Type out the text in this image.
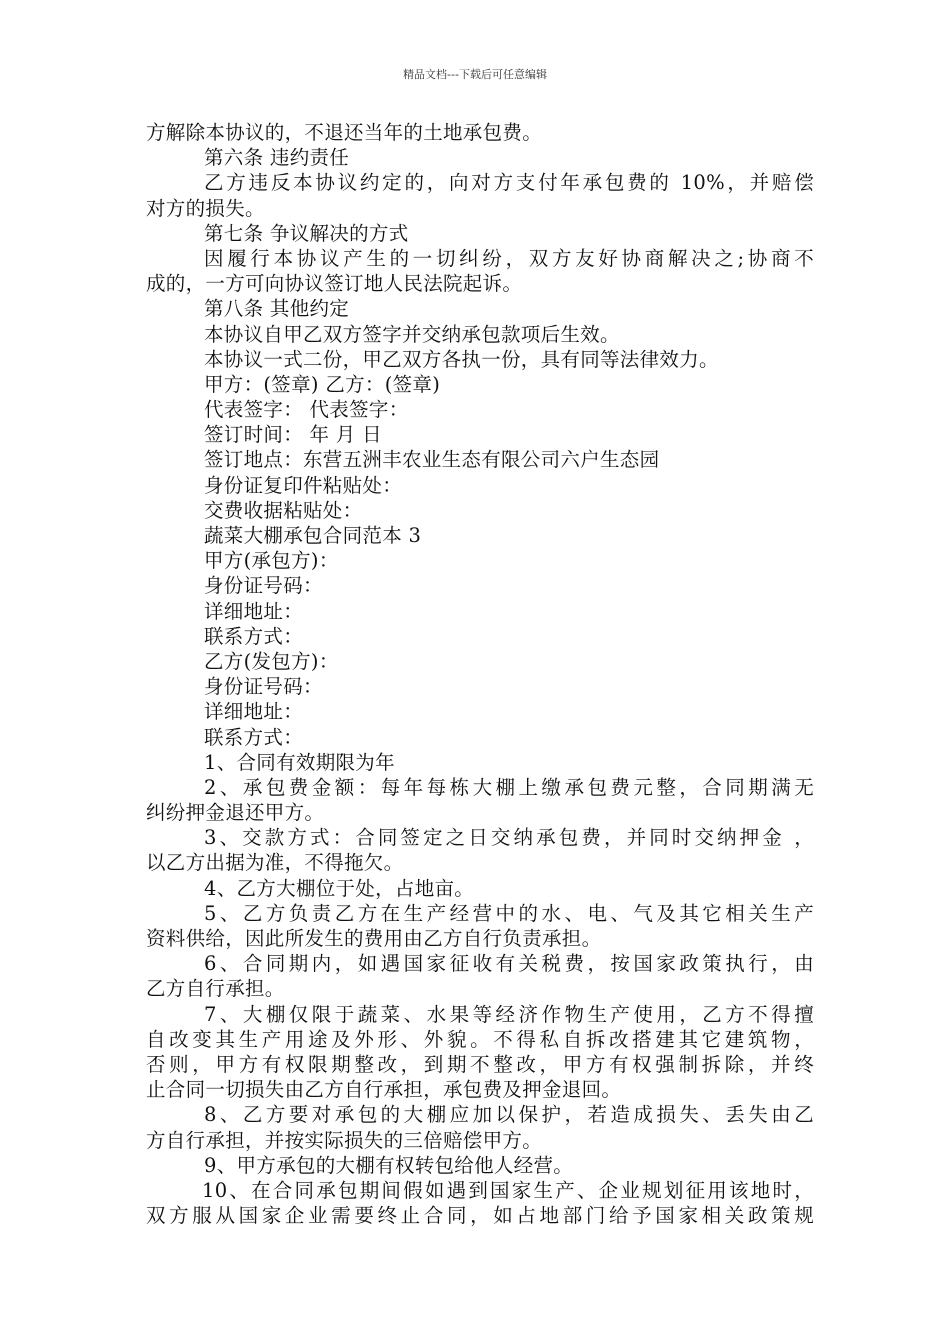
精品文档---下载后可任意编辑
方解除本协议的，不退还当年的土地承包费。
第六条 违约责任
乙方违反本协议约定的，向对方支付年承包费的 10%，并赔偿
对方的损失。
第七条 争议解决的方式
因履行本协议产生的一切纠纷，双方友好协商解决之;协商不
成的，一方可向协议签订地人民法院起诉。
第八条 其他约定
本协议自甲乙双方签字并交纳承包款项后生效。
本协议一式二份，甲乙双方各执一份，具有同等法律效力。
甲方：(签章) 乙方：(签章)
代表签字： 代表签字：
签订时间： 年 月 日
签订地点：东营五洲丰农业生态有限公司六户生态园
身份证复印件粘贴处：
交费收据粘贴处：
蔬菜大棚承包合同范本 3
甲方(承包方)：
身份证号码：
详细地址：
联系方式：
乙方(发包方)：
身份证号码：
详细地址：
联系方式：
1、合同有效期限为年
2、承包费金额：每年每栋大棚上缴承包费元整，合同期满无
纠纷押金退还甲方。
3、交款方式：合同签定之日交纳承包费，并同时交纳押金 ，
以乙方出据为准，不得拖欠。
4、乙方大棚位于处，占地亩。
5、乙方负责乙方在生产经营中的水、电、气及其它相关生产
资料供给，因此所发生的费用由乙方自行负责承担。
6、合同期内，如遇国家征收有关税费，按国家政策执行，由
乙方自行承担。
7、大棚仅限于蔬菜、水果等经济作物生产使用，乙方不得擅
自改变其生产用途及外形、外貌。不得私自拆改搭建其它建筑物，
否则，甲方有权限期整改，到期不整改，甲方有权强制拆除，并终
止合同一切损失由乙方自行承担，承包费及押金退回。
8、乙方要对承包的大棚应加以保护，若造成损失、丢失由乙
方自行承担，并按实际损失的三倍赔偿甲方。
9、甲方承包的大棚有权转包给他人经营。
10、在合同承包期间假如遇到国家生产、企业规划征用该地时，
双方服从国家企业需要终止合同，如占地部门给予国家相关政策规
